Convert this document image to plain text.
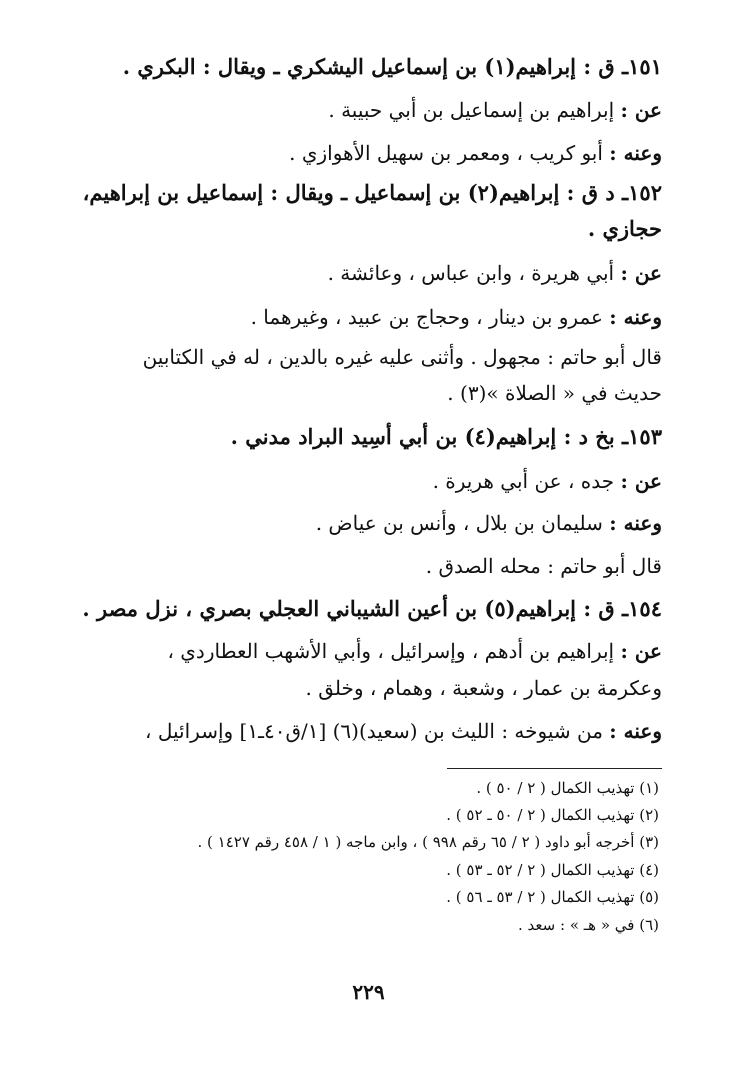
١٥١ـ ق : إبراهيم(١) بن إسماعيل اليشكري ـ ويقال : البكري .
عن : إبراهيم بن إسماعيل بن أبي حبيبة .
وعنه : أبو كريب ، ومعمر بن سهيل الأهوازي .
١٥٢ـ د ق : إبراهيم(٢) بن إسماعيل ـ ويقال : إسماعيل بن إبراهيم،
حجازي .
عن : أبي هريرة ، وابن عباس ، وعائشة .
وعنه : عمرو بن دينار ، وحجاج بن عبيد ، وغيرهما .
قال أبو حاتم : مجهول . وأثنى عليه غيره بالدين ، له في الكتابين
حديث في « الصلاة »(٣) .
١٥٣ـ بخ د : إبراهيم(٤) بن أبي أسِيد البراد مدني .
عن : جده ، عن أبي هريرة .
وعنه : سليمان بن بلال ، وأنس بن عياض .
قال أبو حاتم : محله الصدق .
١٥٤ـ ق : إبراهيم(٥) بن أعين الشيباني العجلي بصري ، نزل مصر .
عن : إبراهيم بن أدهم ، وإسرائيل ، وأبي الأشهب العطاردي ،
وعكرمة بن عمار ، وشعبة ، وهمام ، وخلق .
وعنه : من شيوخه : الليث بن (سعيد)(٦) [١/ق٤٠ـ١] وإسرائيل ،
(١) تهذيب الكمال ( ٢ / ٥٠ ) .
(٢) تهذيب الكمال ( ٢ / ٥٠ ـ ٥٢ ) .
(٣) أخرجه أبو داود ( ٢ / ٦٥ رقم ٩٩٨ ) ، وابن ماجه ( ١ / ٤٥٨ رقم ١٤٢٧ ) .
(٤) تهذيب الكمال ( ٢ / ٥٢ ـ ٥٣ ) .
(٥) تهذيب الكمال ( ٢ / ٥٣ ـ ٥٦ ) .
(٦) في « هـ » : سعد .
٢٢٩
